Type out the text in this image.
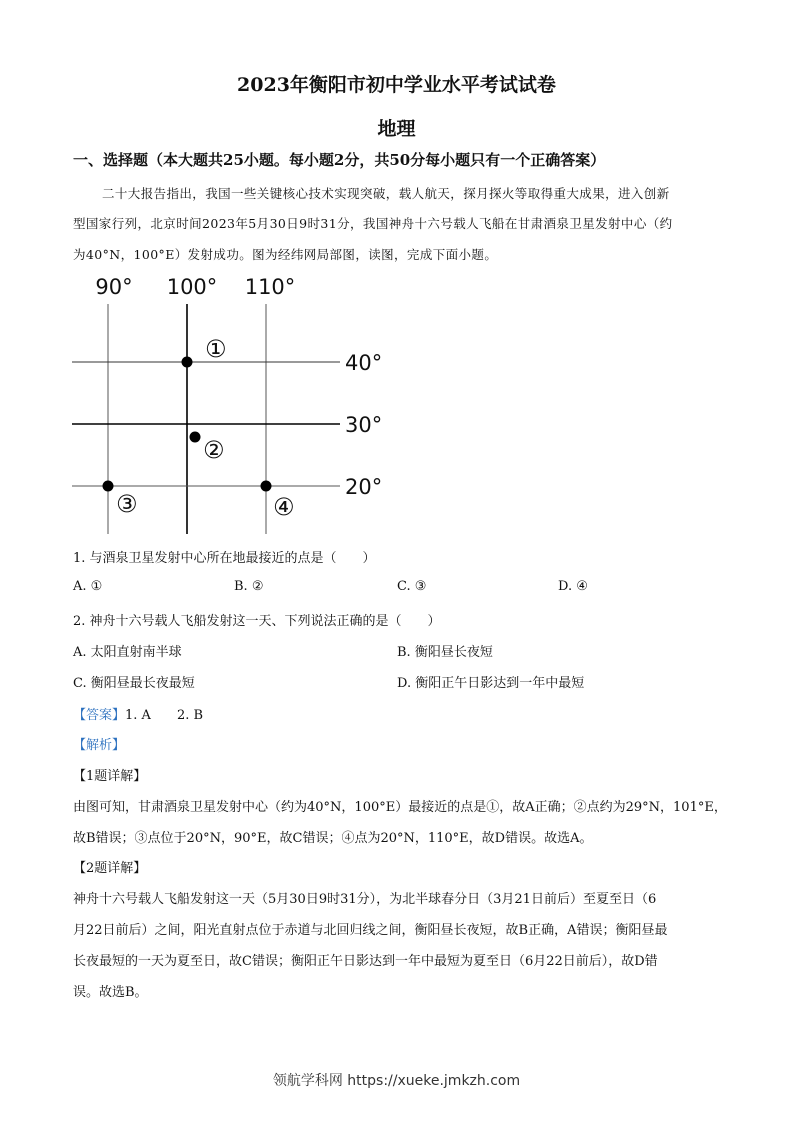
2023年衡阳市初中学业水平考试试卷
地理
一、选择题（本大题共25小题。每小题2分，共50分每小题只有一个正确答案）
二十大报告指出，我国一些关键核心技术实现突破，载人航天，探月探火等取得重大成果，进入创新
型国家行列，北京时间2023年5月30日9时31分，我国神舟十六号载人飞船在甘肃酒泉卫星发射中心（约
为40°N，100°E）发射成功。图为经纬网局部图，读图，完成下面小题。
90° 100° 110°
40°
30°
20°
①
②
③	④
1. 与酒泉卫星发射中心所在地最接近的点是（　　）
A. ①	B. ②	C. ③	D. ④
2. 神舟十六号载人飞船发射这一天、下列说法正确的是（　　）
A. 太阳直射南半球	B. 衡阳昼长夜短
C. 衡阳昼最长夜最短	D. 衡阳正午日影达到一年中最短
【答案】1. A　　2. B
【解析】
【1题详解】
由图可知，甘肃酒泉卫星发射中心（约为40°N，100°E）最接近的点是①，故A正确；②点约为29°N，101°E，
故B错误；③点位于20°N，90°E，故C错误；④点为20°N，110°E，故D错误。故选A。
【2题详解】
神舟十六号载人飞船发射这一天（5月30日9时31分），为北半球春分日（3月21日前后）至夏至日（6
月22日前后）之间，阳光直射点位于赤道与北回归线之间，衡阳昼长夜短，故B正确，A错误；衡阳昼最
长夜最短的一天为夏至日，故C错误；衡阳正午日影达到一年中最短为夏至日（6月22日前后），故D错
误。故选B。
领航学科网 https://xueke.jmkzh.com
